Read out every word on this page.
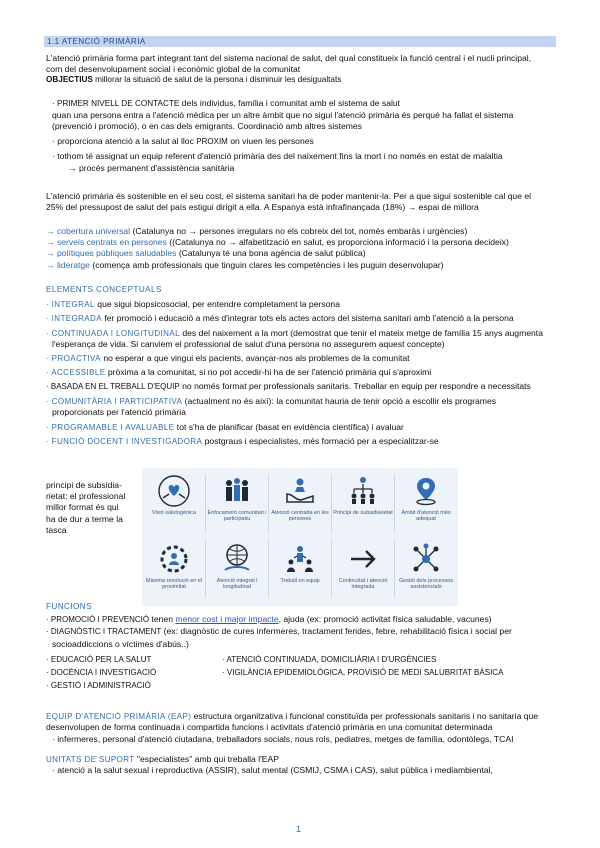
1.1 ATENCIÓ PRIMÀRIA
L'atenció primària forma part integrant tant del sistema nacional de salut, del qual constitueix la funció central i el nucli principal,
com del desenvolupament social i econòmic global de la comunitat
OBJECTIUS millorar la situació de salut de la persona i disminuir les desigualtats
· PRIMER NIVELL DE CONTACTE dels individus, família i comunitat amb el sistema de salut
quan una persona entra a l'atenció mèdica per un altre àmbit que no sigui l'atenció primària és perquè ha fallat el sistema
(prevenció i promoció), o en cas dels emigrants. Coordinació amb altres sistemes
· proporciona atenció a la salut al lloc PROXIM on viuen les persones
· tothom té assignat un equip referent d'atenció primària des del naixement fins la mort i no només en estat de malaltia
→ procés permanent d'assistència sanitària
L'atenció primària és sostenible en el seu cost, el sistema sanitari ha de poder mantenir-la. Per a que sigui sostenible cal que el
25% del pressupost de salut del país estigui dirigit a ella. A Espanya està infrafinançada (18%) → espai de millora
→ cobertura universal (Catalunya no → persones irregulars no els cobreix del tot, només embaràs i urgències)
→ serveis centrats en persones ((Catalunya no → alfabetització en salut, es proporciona informació i la persona decideix)
→ polítiques públiques saludables (Catalunya té una bona agència de salut pública)
→ lideratge (comença amb professionals que tinguin clares les competències i les puguin desenvolupar)
ELEMENTS CONCEPTUALS
· INTEGRAL que sigui biopsicosocial, per entendre completament la persona
· INTEGRADA fer promoció i educació a més d'integrar tots els actes actors del sistema sanitari amb l'atenció a la persona
· CONTINUADA I LONGITUDINAL des del naixement a la mort (demostrat que tenir el mateix metge de família 15 anys augmenta
l'esperança de vida. Si canviem el professional de salut d'una persona no assegurem aquest concepte)
· PROACTIVA no esperar a que vingui els pacients, avançar-nos als problemes de la comunitat
· ACCESSIBLE pròxima a la comunitat, si no pot accedir-hi ha de ser l'atenció primària qui s'aproximi
· BASADA EN EL TREBALL D'EQUIP no només format per professionals sanitaris. Treballar en equip per respondre a necessitats
· COMUNITÀRIA I PARTICIPATIVA (actualment no és així): la comunitat hauria de tenir opció a escollir els programes
proporcionats per l'atenció primària
· PROGRAMABLE I AVALUABLE tot s'ha de planificar (basat en evidència científica) i avaluar
· FUNCIÓ DOCENT I INVESTIGADORA postgraus i especialistes, més formació per a especialitzar-se
principi de subsidia-
rietat: el professional
millor format és qui
ha de dur a terme la
tasca
Visió salutogènica	Enfocament comunitari i participatiu
Atenció centrada en les persones
Principi de subsidiarietat	Àmbit d'atenció més adequat
Màxima resolució en el proximitat
Atenció integral i longitudinal
Treball en equip	Continuïtat i atenció integrada
Gestió dels processos assistencials
FUNCIONS
· PROMOCIÓ I PREVENCIÓ tenen menor cost i major impacte, ajuda (ex: promoció activitat física saludable, vacunes)
· DIAGNÒSTIC I TRACTAMENT (ex: diagnòstic de cures infermeres, tractament ferides, febre, rehabilitació física i social per
socioaddiccions o víctimes d'abús..)
· EDUCACIÓ PER LA SALUT	· ATENCIÓ CONTINUADA, DOMICILIÀRIA I D'URGÈNCIES
· DOCÈNCIA I INVESTIGACIÓ	· VIGILÀNCIA EPIDEMIOLÒGICA, PROVISIÓ DE MEDI SALUBRITAT BÀSICA
· GESTIÓ I ADMINISTRACIÓ
EQUIP D'ATENCIÓ PRIMÀRIA (EAP) estructura organitzativa i funcional constituïda per professionals sanitaris i no sanitaria que
desenvolupen de forma continuada i compartida funcions i activitats d'atenció primària en una comunitat determinada
· infermeres, personal d'atenció ciutadana, treballadors socials, nous rols, pediatres, metges de família, odontòlegs, TCAI
UNITATS DE SUPORT "especialistes" amb qui treballa l'EAP
· atenció a la salut sexual i reproductiva (ASSIR), salut mental (CSMIJ, CSMA i CAS), salut pública i mediambiental,
1
